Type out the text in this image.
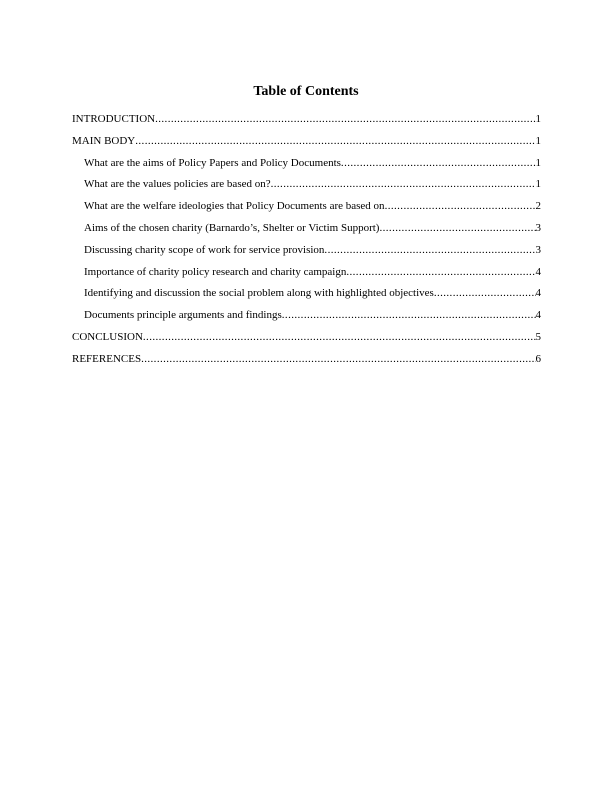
Table of Contents
INTRODUCTION .....	1
MAIN BODY .....	1
What are the aims of Policy Papers and Policy Documents .....	1
What are the values policies are based on? .....	1
What are the welfare ideologies that Policy Documents are based on .....	2
Aims of the chosen charity (Barnardo’s, Shelter or Victim Support) .....	3
Discussing charity scope of work for service provision .....	3
Importance of charity policy research and charity campaign .....	4
Identifying and discussion the social problem along with highlighted objectives .....	4
Documents principle arguments and findings .....	4
CONCLUSION .....	5
REFERENCES .....	6
